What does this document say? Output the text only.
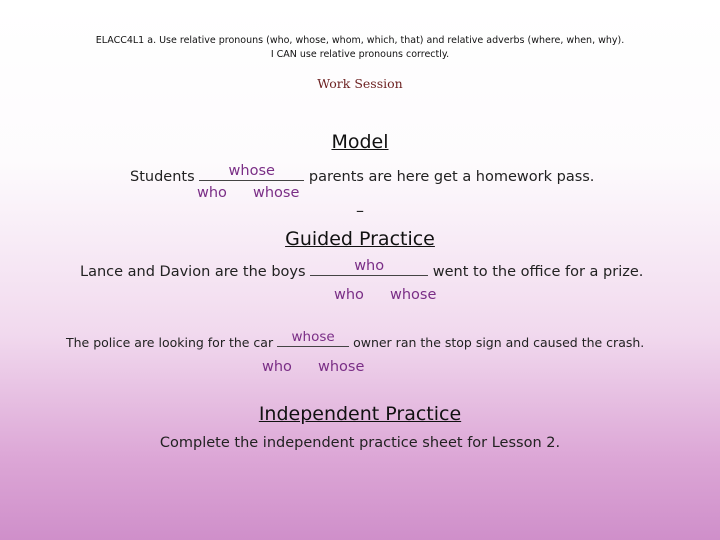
ELACC4L1 a. Use relative pronouns (who, whose, whom, which, that) and relative adverbs (where, when, why).
I CAN use relative pronouns correctly.
Work Session
Model
Students	whose	parents are here get a homework pass.
who whose
–
Guided Practice
Lance and Davion are the boys	who	went to the office for a prize.
who whose
The police are looking for the car	whose	owner ran the stop sign and caused the crash.
who whose
Independent Practice
Complete the independent practice sheet for Lesson 2.
